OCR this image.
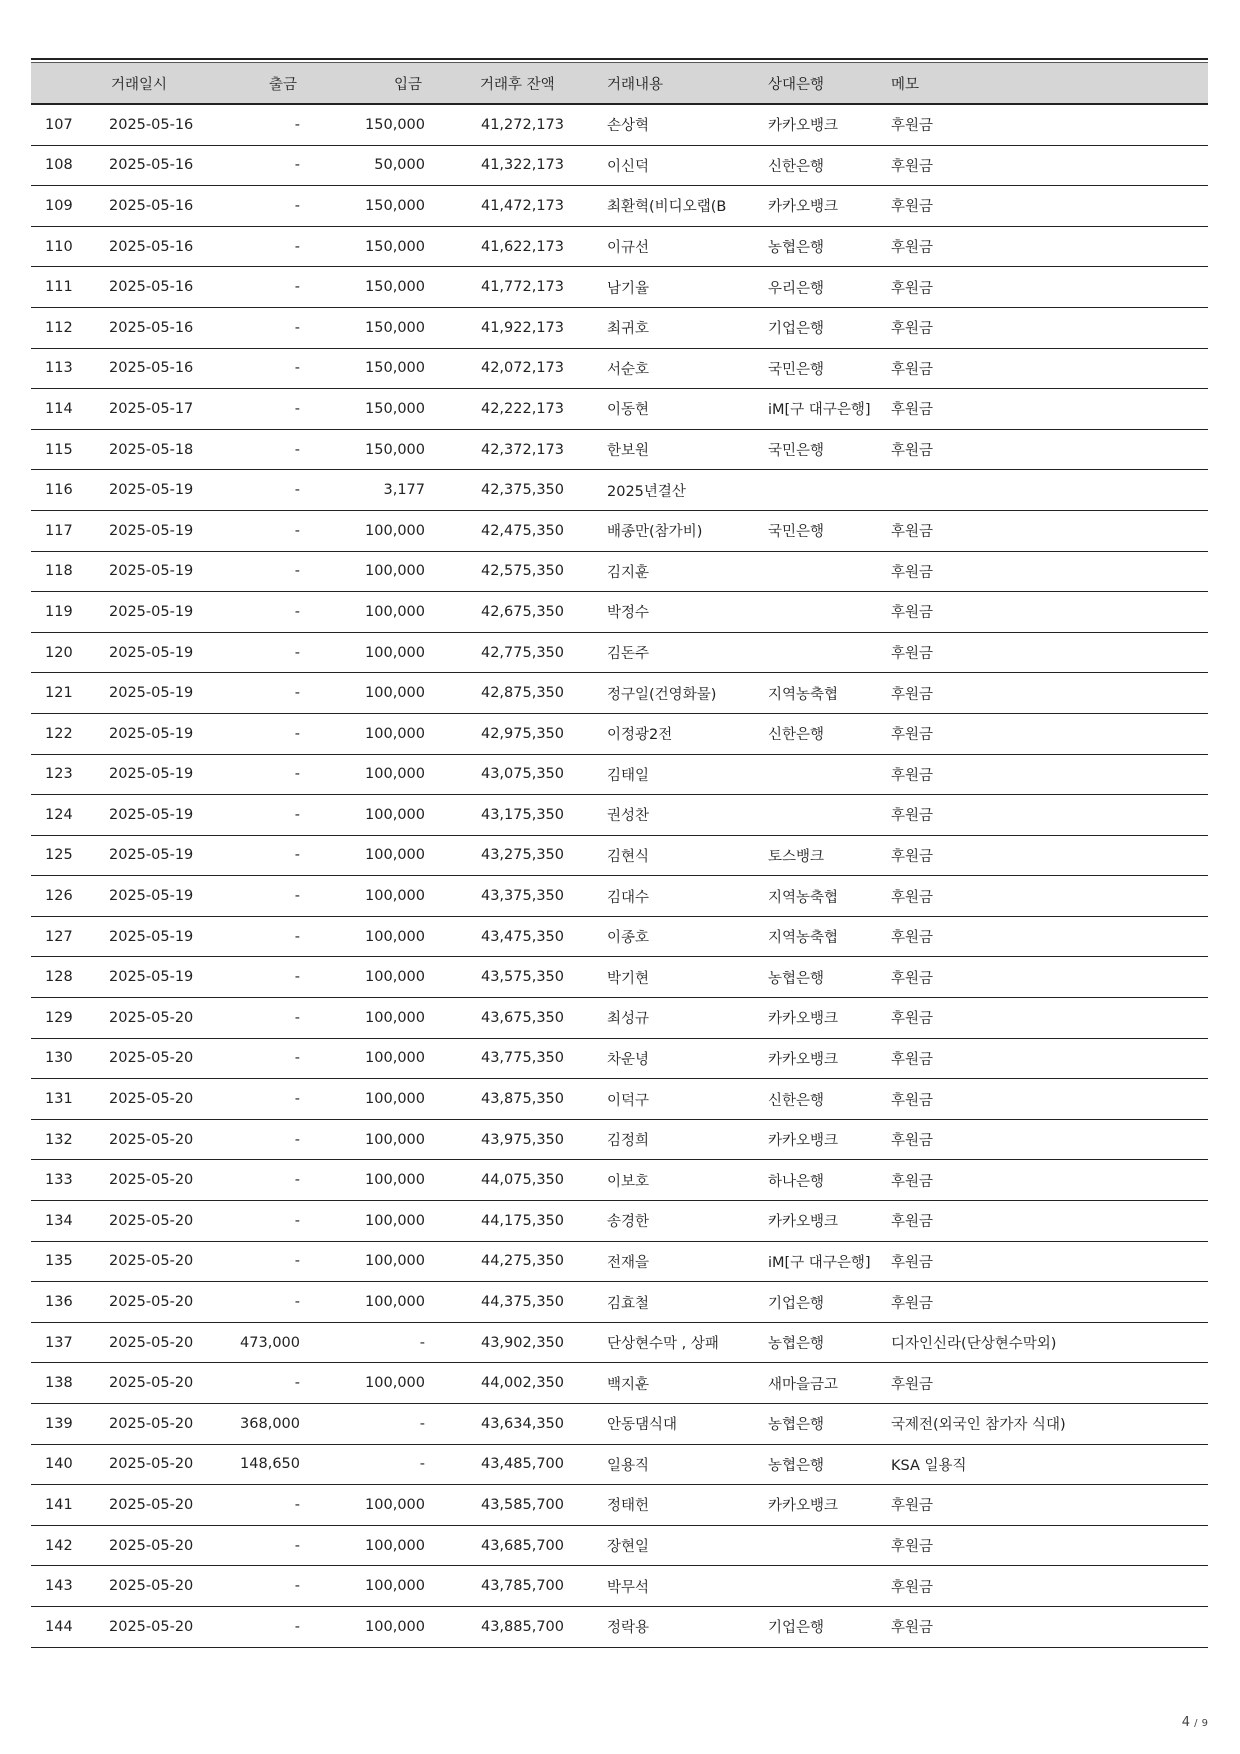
	거래일시	출금	입금	거래후 잔액	거래내용	상대은행	메모
107	2025-05-16	-	150,000	41,272,173	손상혁	카카오뱅크	후원금
108	2025-05-16	-	50,000	41,322,173	이신덕	신한은행	후원금
109	2025-05-16	-	150,000	41,472,173	최환혁(비디오랩(B	카카오뱅크	후원금
110	2025-05-16	-	150,000	41,622,173	이규선	농협은행	후원금
111	2025-05-16	-	150,000	41,772,173	남기율	우리은행	후원금
112	2025-05-16	-	150,000	41,922,173	최귀호	기업은행	후원금
113	2025-05-16	-	150,000	42,072,173	서순호	국민은행	후원금
114	2025-05-17	-	150,000	42,222,173	이동현	iM[구 대구은행]	후원금
115	2025-05-18	-	150,000	42,372,173	한보원	국민은행	후원금
116	2025-05-19	-	3,177	42,375,350	2025년결산		
117	2025-05-19	-	100,000	42,475,350	배종만(참가비)	국민은행	후원금
118	2025-05-19	-	100,000	42,575,350	김지훈		후원금
119	2025-05-19	-	100,000	42,675,350	박정수		후원금
120	2025-05-19	-	100,000	42,775,350	김돈주		후원금
121	2025-05-19	-	100,000	42,875,350	정구일(건영화물)	지역농축협	후원금
122	2025-05-19	-	100,000	42,975,350	이정광2전	신한은행	후원금
123	2025-05-19	-	100,000	43,075,350	김태일		후원금
124	2025-05-19	-	100,000	43,175,350	권성찬		후원금
125	2025-05-19	-	100,000	43,275,350	김현식	토스뱅크	후원금
126	2025-05-19	-	100,000	43,375,350	김대수	지역농축협	후원금
127	2025-05-19	-	100,000	43,475,350	이종호	지역농축협	후원금
128	2025-05-19	-	100,000	43,575,350	박기현	농협은행	후원금
129	2025-05-20	-	100,000	43,675,350	최성규	카카오뱅크	후원금
130	2025-05-20	-	100,000	43,775,350	차운녕	카카오뱅크	후원금
131	2025-05-20	-	100,000	43,875,350	이덕구	신한은행	후원금
132	2025-05-20	-	100,000	43,975,350	김정희	카카오뱅크	후원금
133	2025-05-20	-	100,000	44,075,350	이보호	하나은행	후원금
134	2025-05-20	-	100,000	44,175,350	송경한	카카오뱅크	후원금
135	2025-05-20	-	100,000	44,275,350	전재을	iM[구 대구은행]	후원금
136	2025-05-20	-	100,000	44,375,350	김효철	기업은행	후원금
137	2025-05-20	473,000	-	43,902,350	단상현수막 , 상패	농협은행	디자인신라(단상현수막외)
138	2025-05-20	-	100,000	44,002,350	백지훈	새마을금고	후원금
139	2025-05-20	368,000	-	43,634,350	안동댐식대	농협은행	국제전(외국인 참가자 식대)
140	2025-05-20	148,650	-	43,485,700	일용직	농협은행	KSA 일용직
141	2025-05-20	-	100,000	43,585,700	정태헌	카카오뱅크	후원금
142	2025-05-20	-	100,000	43,685,700	장현일		후원금
143	2025-05-20	-	100,000	43,785,700	박무석		후원금
144	2025-05-20	-	100,000	43,885,700	정락용	기업은행	후원금
4 / 9
